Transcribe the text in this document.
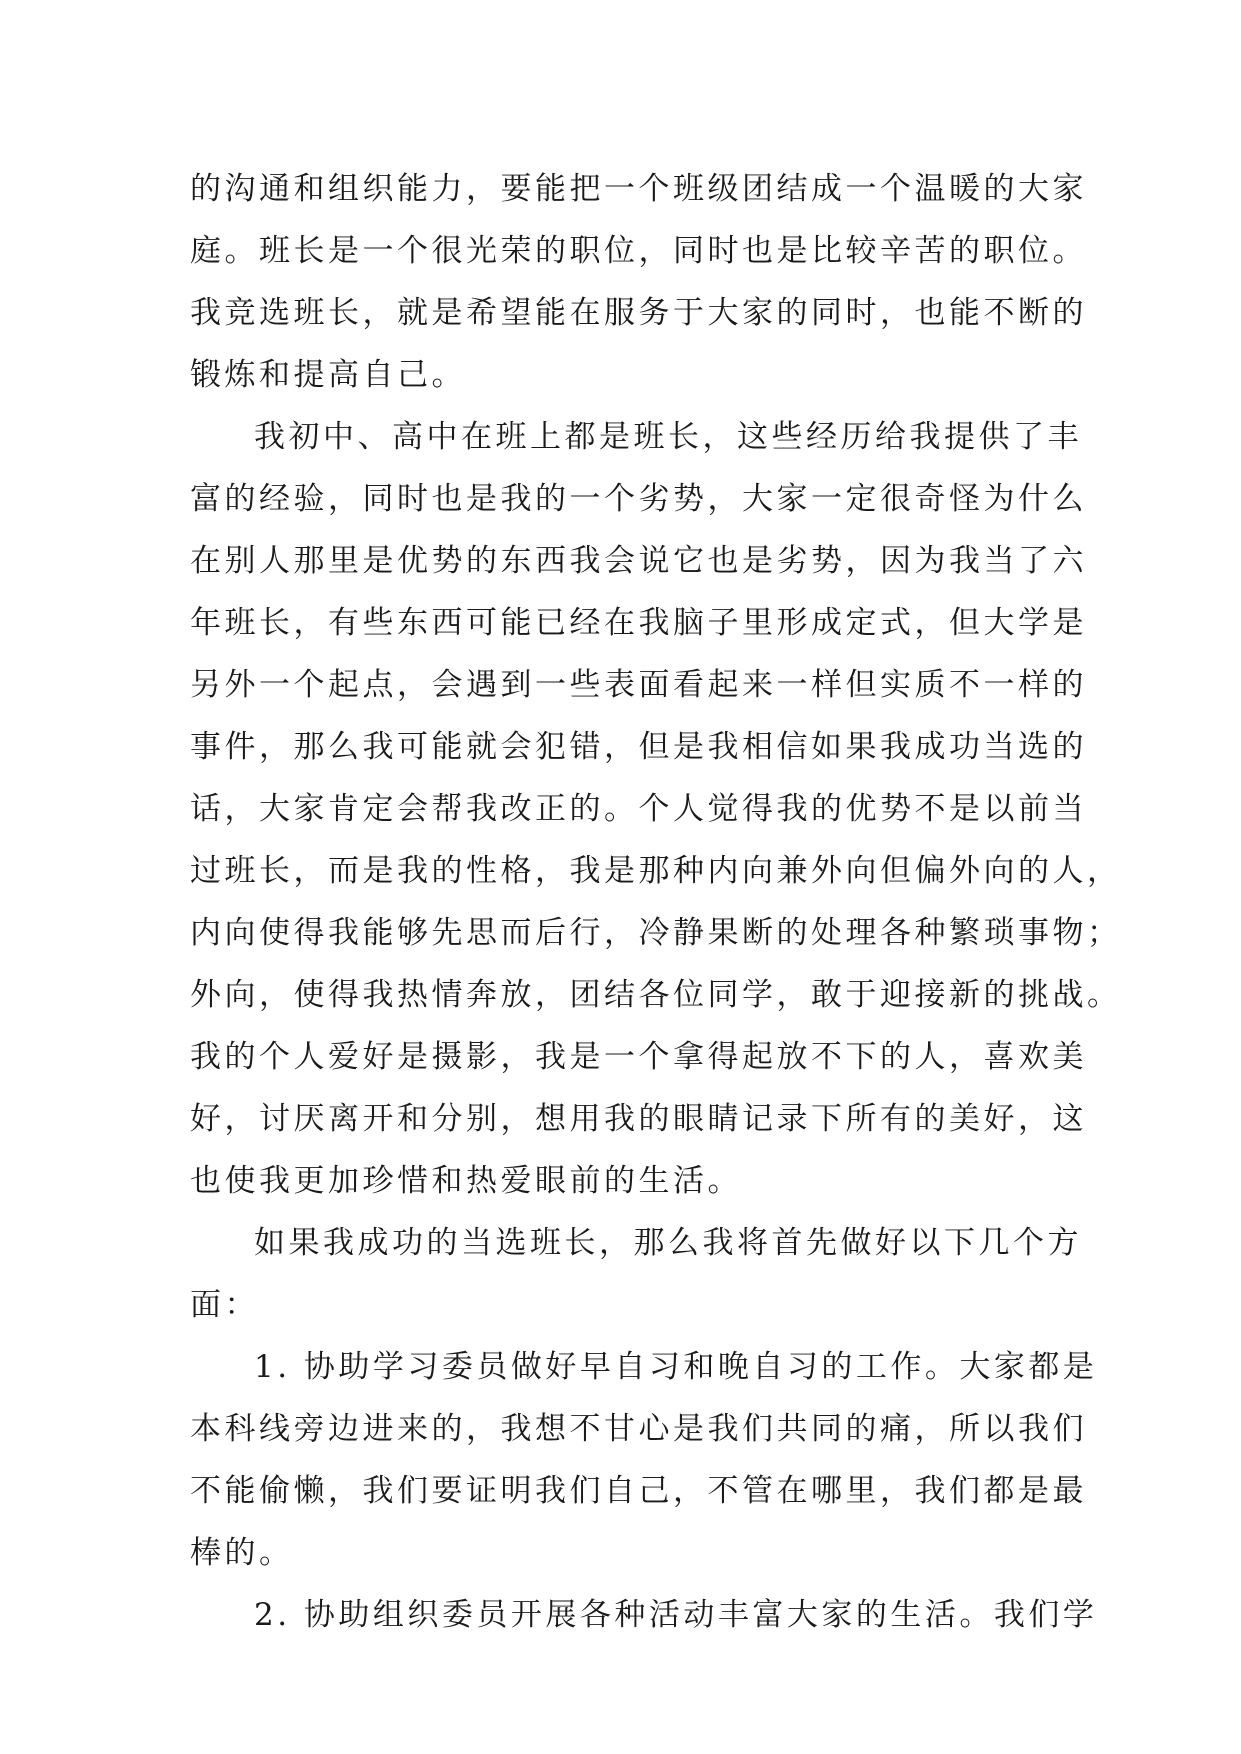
的沟通和组织能力，要能把一个班级团结成一个温暖的大家
庭。班长是一个很光荣的职位，同时也是比较辛苦的职位。
我竞选班长，就是希望能在服务于大家的同时，也能不断的
锻炼和提高自己。
我初中、高中在班上都是班长，这些经历给我提供了丰
富的经验，同时也是我的一个劣势，大家一定很奇怪为什么
在别人那里是优势的东西我会说它也是劣势，因为我当了六
年班长，有些东西可能已经在我脑子里形成定式，但大学是
另外一个起点，会遇到一些表面看起来一样但实质不一样的
事件，那么我可能就会犯错，但是我相信如果我成功当选的
话，大家肯定会帮我改正的。个人觉得我的优势不是以前当
过班长，而是我的性格，我是那种内向兼外向但偏外向的人，
内向使得我能够先思而后行，冷静果断的处理各种繁琐事物；
外向，使得我热情奔放，团结各位同学，敢于迎接新的挑战。
我的个人爱好是摄影，我是一个拿得起放不下的人，喜欢美
好，讨厌离开和分别，想用我的眼睛记录下所有的美好，这
也使我更加珍惜和热爱眼前的生活。
如果我成功的当选班长，那么我将首先做好以下几个方
面：
1. 协助学习委员做好早自习和晚自习的工作。大家都是
本科线旁边进来的，我想不甘心是我们共同的痛，所以我们
不能偷懒，我们要证明我们自己，不管在哪里，我们都是最
棒的。
2. 协助组织委员开展各种活动丰富大家的生活。我们学
